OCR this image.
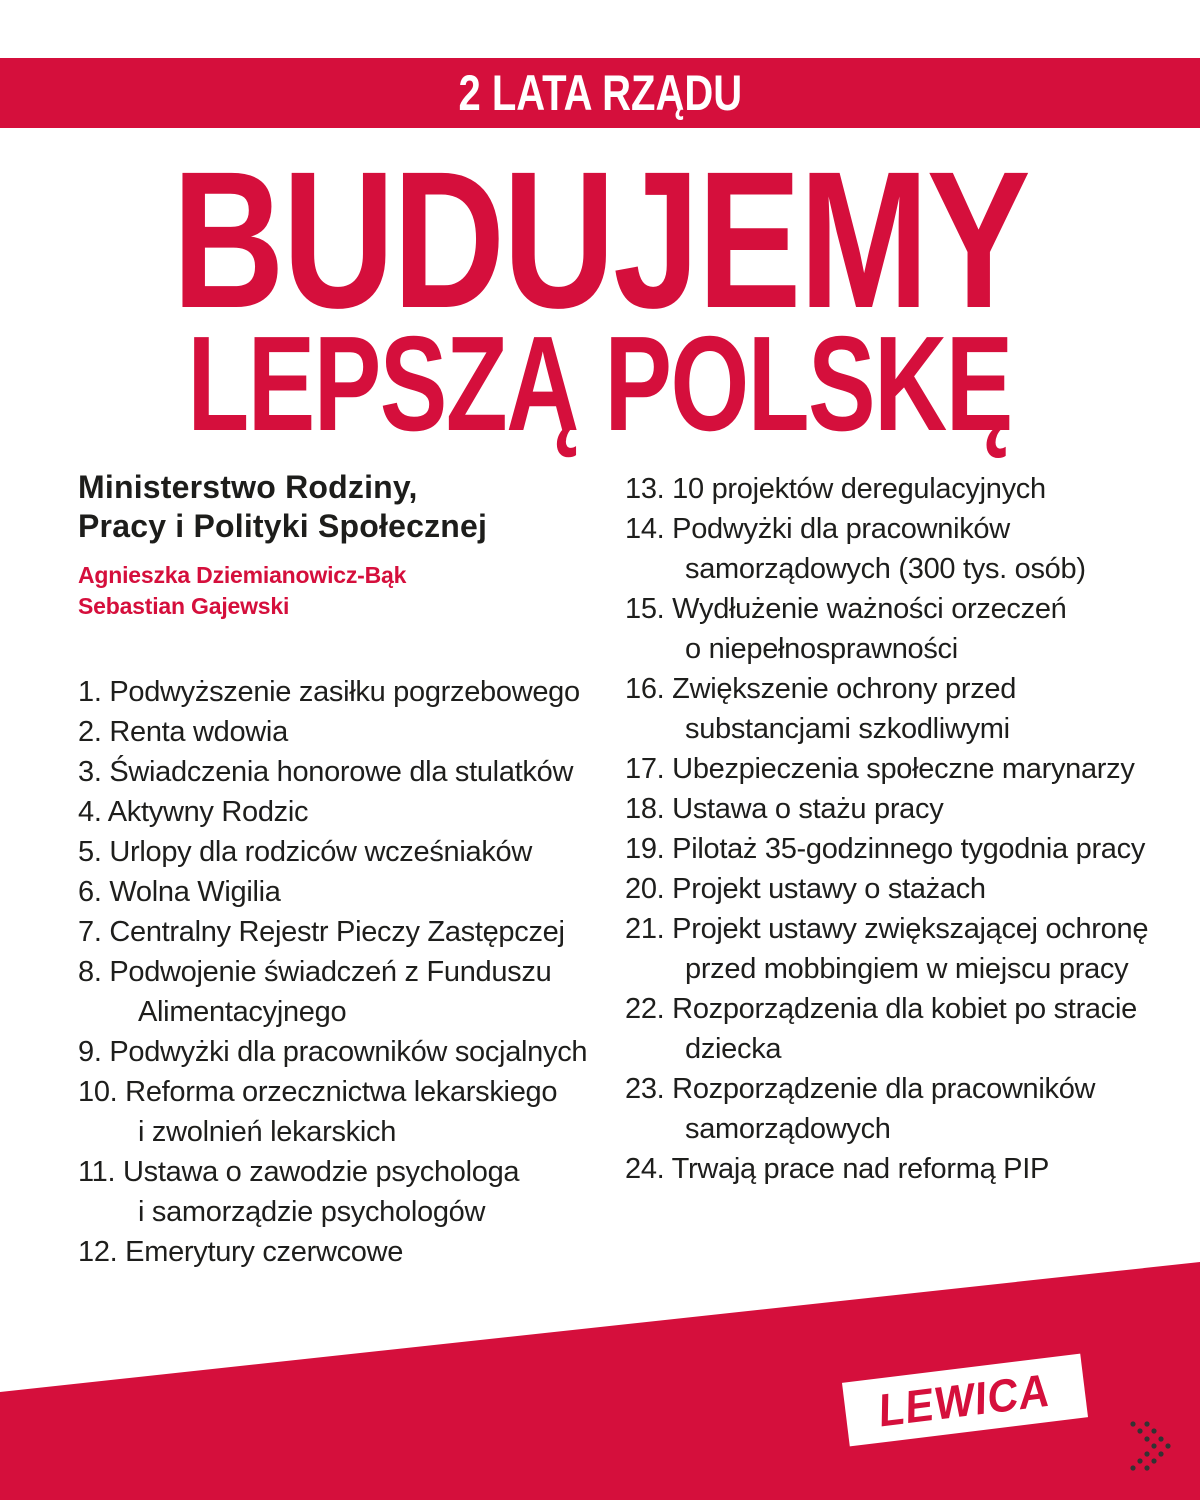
2 LATA RZĄDU
BUDUJEMY
LEPSZĄ POLSKĘ
Ministerstwo Rodziny,
Pracy i Polityki Społecznej
Agnieszka Dziemianowicz-Bąk
Sebastian Gajewski
1. Podwyższenie zasiłku pogrzebowego
2. Renta wdowia
3. Świadczenia honorowe dla stulatków
4. Aktywny Rodzic
5. Urlopy dla rodziców wcześniaków
6. Wolna Wigilia
7. Centralny Rejestr Pieczy Zastępczej
8. Podwojenie świadczeń z Funduszu Alimentacyjnego
9. Podwyżki dla pracowników socjalnych
10. Reforma orzecznictwa lekarskiego i zwolnień lekarskich
11. Ustawa o zawodzie psychologa i samorządzie psychologów
12. Emerytury czerwcowe
13. 10 projektów deregulacyjnych
14. Podwyżki dla pracowników samorządowych (300 tys. osób)
15. Wydłużenie ważności orzeczeń o niepełnosprawności
16. Zwiększenie ochrony przed substancjami szkodliwymi
17. Ubezpieczenia społeczne marynarzy
18. Ustawa o stażu pracy
19. Pilotaż 35-godzinnego tygodnia pracy
20. Projekt ustawy o stażach
21. Projekt ustawy zwiększającej ochronę przed mobbingiem w miejscu pracy
22. Rozporządzenia dla kobiet po stracie dziecka
23. Rozporządzenie dla pracowników samorządowych
24. Trwają prace nad reformą PIP
LEWICA
